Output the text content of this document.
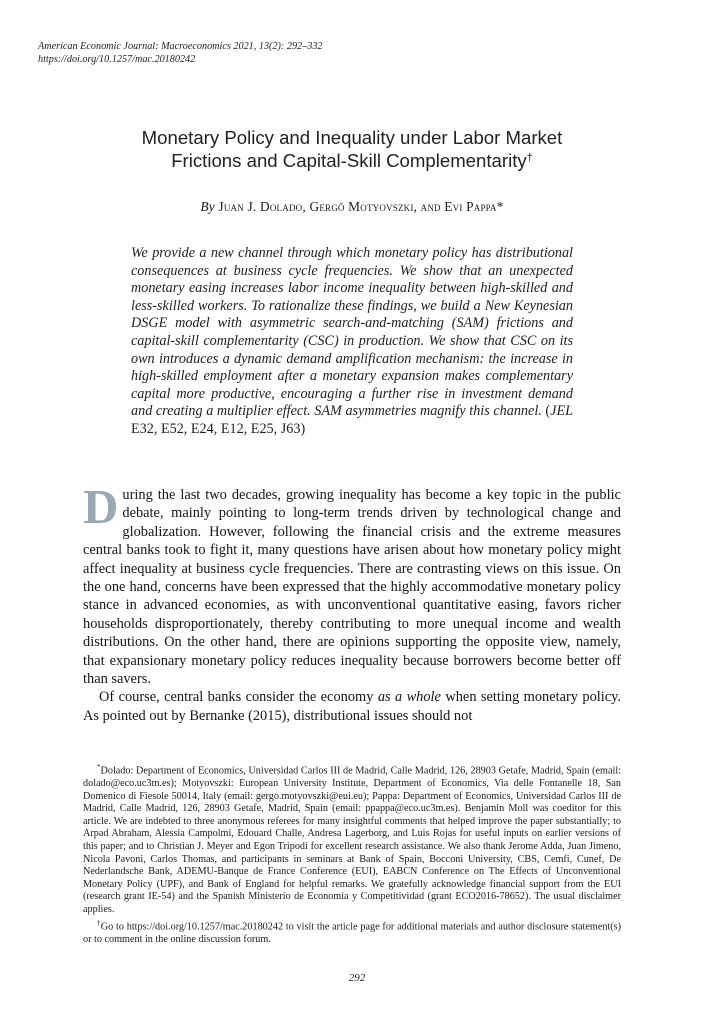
American Economic Journal: Macroeconomics 2021, 13(2): 292–332
https://doi.org/10.1257/mac.20180242
Monetary Policy and Inequality under Labor Market
Frictions and Capital-Skill Complementarity†
By Juan J. Dolado, Gergő Motyovszki, and Evi Pappa*
We provide a new channel through which monetary policy has distributional consequences at business cycle frequencies. We show that an unexpected monetary easing increases labor income inequality between high-skilled and less-skilled workers. To rationalize these findings, we build a New Keynesian DSGE model with asymmetric search-and-matching (SAM) frictions and capital-skill complementarity (CSC) in production. We show that CSC on its own introduces a dynamic demand amplification mechanism: the increase in high-skilled employment after a monetary expansion makes complementary capital more productive, encouraging a further rise in investment demand and creating a multiplier effect. SAM asymmetries magnify this channel. (JEL E32, E52, E24, E12, E25, J63)

During the last two decades, growing inequality has become a key topic in the public debate, mainly pointing to long-term trends driven by technological change and globalization. However, following the financial crisis and the extreme measures central banks took to fight it, many questions have arisen about how monetary policy might affect inequality at business cycle frequencies. There are contrasting views on this issue. On the one hand, concerns have been expressed that the highly accommodative monetary policy stance in advanced economies, as with unconventional quantitative easing, favors richer households disproportionately, thereby contributing to more unequal income and wealth distributions. On the other hand, there are opinions supporting the opposite view, namely, that expansionary monetary policy reduces inequality because borrowers become better off than savers.

Of course, central banks consider the economy as a whole when setting monetary policy. As pointed out by Bernanke (2015), distributional issues should not

*Dolado: Department of Economics, Universidad Carlos III de Madrid, Calle Madrid, 126, 28903 Getafe, Madrid, Spain (email: dolado@eco.uc3m.es); Motyovszki: European University Institute, Department of Economics, Via delle Fontanelle 18, San Domenico di Fiesole 50014, Italy (email: gergo.motyovszki@eui.eu); Pappa: Department of Economics, Universidad Carlos III de Madrid, Calle Madrid, 126, 28903 Getafe, Madrid, Spain (email: ppappa@eco.uc3m.es). Benjamin Moll was coeditor for this article. We are indebted to three anonymous referees for many insightful comments that helped improve the paper substantially; to Arpad Abraham, Alessia Campolmi, Edouard Challe, Andresa Lagerborg, and Luis Rojas for useful inputs on earlier versions of this paper; and to Christian J. Meyer and Egon Tripodi for excellent research assistance. We also thank Jerome Adda, Juan Jimeno, Nicola Pavoni, Carlos Thomas, and participants in seminars at Bank of Spain, Bocconi University, CBS, Cemfi, Cunef, De Nederlandsche Bank, ADEMU-Banque de France Conference (EUI), EABCN Conference on The Effects of Unconventional Monetary Policy (UPF), and Bank of England for helpful remarks. We gratefully acknowledge financial support from the EUI (research grant IE-54) and the Spanish Ministerio de Economía y Competitividad (grant ECO2016-78652). The usual disclaimer applies.

†Go to https://doi.org/10.1257/mac.20180242 to visit the article page for additional materials and author disclosure statement(s) or to comment in the online discussion forum.

292
